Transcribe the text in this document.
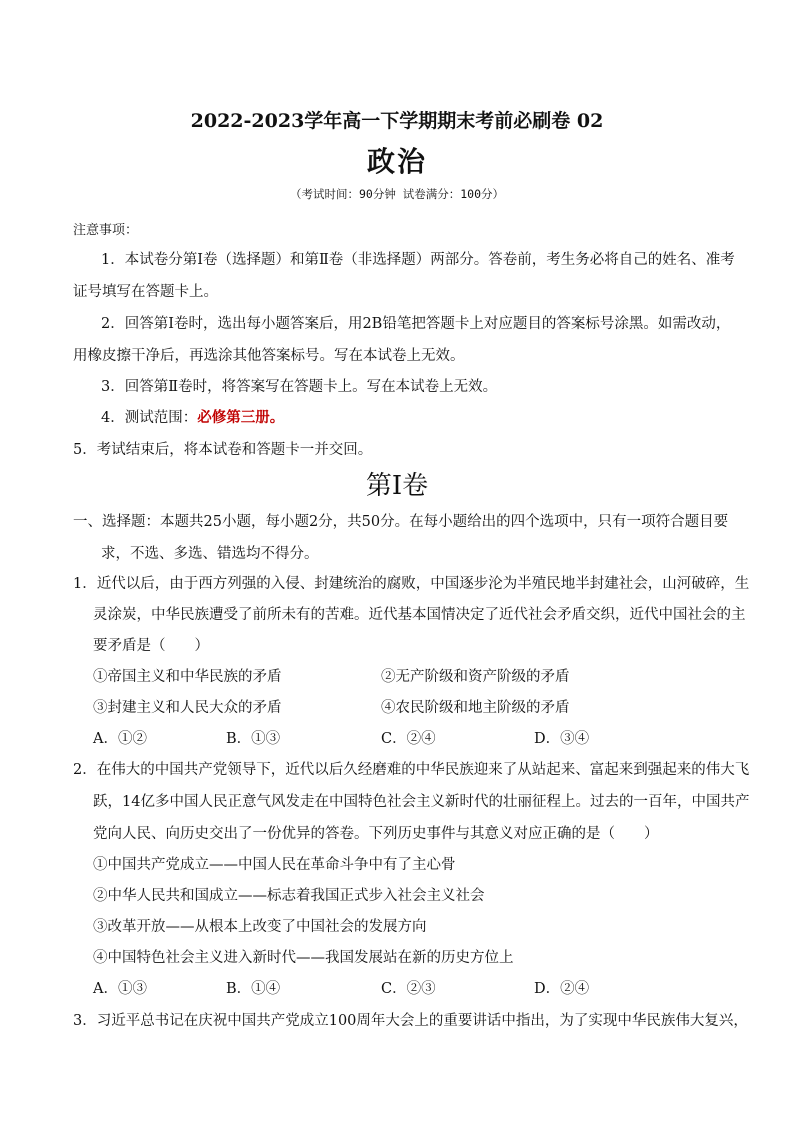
2022-2023学年高一下学期期末考前必刷卷 02
政治
（考试时间：90分钟 试卷满分：100分）
注意事项：
1．本试卷分第Ⅰ卷（选择题）和第Ⅱ卷（非选择题）两部分。答卷前，考生务必将自己的姓名、准考
证号填写在答题卡上。
2．回答第Ⅰ卷时，选出每小题答案后，用2B铅笔把答题卡上对应题目的答案标号涂黑。如需改动，
用橡皮擦干净后，再选涂其他答案标号。写在本试卷上无效。
3．回答第Ⅱ卷时，将答案写在答题卡上。写在本试卷上无效。
4．测试范围：必修第三册。
5．考试结束后，将本试卷和答题卡一并交回。
第Ⅰ卷
一、选择题：本题共25小题，每小题2分，共50分。在每小题给出的四个选项中，只有一项符合题目要
求，不选、多选、错选均不得分。
1．近代以后，由于西方列强的入侵、封建统治的腐败，中国逐步沦为半殖民地半封建社会，山河破碎，生
灵涂炭，中华民族遭受了前所未有的苦难。近代基本国情决定了近代社会矛盾交织，近代中国社会的主
要矛盾是（　　）
①帝国主义和中华民族的矛盾	②无产阶级和资产阶级的矛盾
③封建主义和人民大众的矛盾	④农民阶级和地主阶级的矛盾
A．①②	B．①③	C．②④	D．③④
2．在伟大的中国共产党领导下，近代以后久经磨难的中华民族迎来了从站起来、富起来到强起来的伟大飞
跃，14亿多中国人民正意气风发走在中国特色社会主义新时代的壮丽征程上。过去的一百年，中国共产
党向人民、向历史交出了一份优异的答卷。下列历史事件与其意义对应正确的是（　　）
①中国共产党成立——中国人民在革命斗争中有了主心骨
②中华人民共和国成立——标志着我国正式步入社会主义社会
③改革开放——从根本上改变了中国社会的发展方向
④中国特色社会主义进入新时代——我国发展站在新的历史方位上
A．①③	B．①④	C．②③	D．②④
3．习近平总书记在庆祝中国共产党成立100周年大会上的重要讲话中指出，为了实现中华民族伟大复兴，
